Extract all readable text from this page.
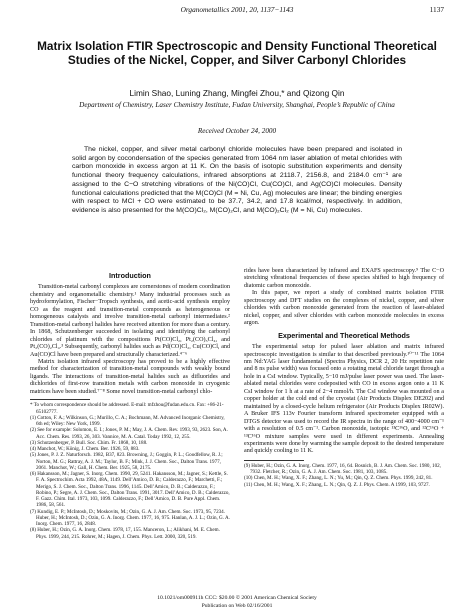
Organometallics 2001, 20, 1137−1143	1137
Matrix Isolation FTIR Spectroscopic and Density Functional Theoretical Studies of the Nickel, Copper, and Silver Carbonyl Chlorides
Limin Shao, Luning Zhang, Mingfei Zhou,* and Qizong Qin
Department of Chemistry, Laser Chemistry Institute, Fudan University, Shanghai, People’s Republic of China
Received October 24, 2000
The nickel, copper, and silver metal carbonyl chloride molecules have been prepared and isolated in solid argon by cocondensation of the species generated from 1064 nm laser ablation of metal chlorides with carbon monoxide in excess argon at 11 K. On the basis of isotopic substitution experiments and density functional theory frequency calculations, infrared absorptions at 2118.7, 2156.8, and 2184.0 cm⁻¹ are assigned to the C−O stretching vibrations of the Ni(CO)Cl, Cu(CO)Cl, and Ag(CO)Cl molecules. Density functional calculations predicted that the M(CO)Cl (M = Ni, Cu, Ag) molecules are linear; the binding energies with respect to MCl + CO were estimated to be 37.7, 34.2, and 17.8 kcal/mol, respectively. In addition, evidence is also presented for the M(CO)Cl₂, M(CO)₂Cl, and M(CO)₂Cl₂ (M = Ni, Cu) molecules.
Introduction

Transition-metal carbonyl complexes are cornerstones of modern coordination chemistry and organometallic chemistry.¹ Many industrial processes such as hydroformylation, Fischer−Tropsch synthesis, and acetic-acid synthesis employ CO as the reagent and transition-metal compounds as heterogeneous or homogeneous catalysts and involve transition-metal carbonyl intermediates.² Transition-metal carbonyl halides have received attention for more than a century. In 1868, Schutzenberger succeeded in isolating and identifying the carbonyl chlorides of platinum with the compositions Pt(CO)Cl₂, Pt₂(CO)₃Cl₄, and Pt₂(CO)₂Cl₄.³ Subsequently, carbonyl halides such as Pd(CO)Cl₂, Cu(CO)Cl, and Au(CO)Cl have been prepared and structurally characterized.⁴⁻⁶

Matrix isolation infrared spectroscopy has proved to be a highly effective method for characterization of transition-metal compounds with weakly bound ligands. The interactions of transition-metal halides such as difluorides and dichlorides of first-row transition metals with carbon monoxide in cryogenic matrices have been studied.⁷⁻⁸ Some novel transition-metal carbonyl chlo-

* To whom correspondence should be addressed. E-mail: mfzhou@fudan.edu.cn. Fax: +86-21-65102777.
(1) Cotton, F. A.; Wilkinson, G.; Murillo, C. A.; Bochmann, M. Advanced Inorganic Chemistry, 6th ed; Wiley: New York, 1999.
(2) See for example: Solomon, E. I.; Jones, P. M.; May, J. A. Chem. Rev. 1993, 93, 2623. Son, A. Acc. Chem. Res. 1993, 26, 303. Vannice, M. A. Catal. Today 1992, 12, 255.
(3) Schutzenberger, P. Bull. Soc. Chim. Fr. 1868, 10, 188.
(4) Manchot, W.; König, J. Chem. Ber. 1926, 59, 883.
(5) Jones, P. J. Z. Naturforsch. 1982, B37, 823. Browning, J.; Goggin, P. L.; Goodfellow, R. J.; Norton, M. G.; Rattray, A. J. M.; Taylor, B. F.; Mink, J. J. Chem. Soc., Dalton Trans. 1977, 2061. Manchot, W.; Gall, H. Chem. Ber. 1925, 58, 2175.
(6) Hakansson, M.; Jagner, S. Inorg. Chem. 1990, 29, 5241. Hakansson, M.; Jagner, S.; Kettle, S. F. A. Spectrochim. Acta 1992, 48A, 1149. Dell’Amico, D. B.; Calderazzo, F.; Marchetti, F.; Merigo, S. J. Chem. Soc., Dalton Trans. 1996, 1145. Dell’Amico, D. B.; Calderazzo, F.; Robino, P.; Segre, A. J. Chem. Soc., Dalton Trans. 1991, 3017. Dell’Amico, D. B.; Calderazzo, F. Gazz. Chim. Ital. 1973, 103, 1099. Calderazzo, F.; Dell’Amico, D. B. Pure Appl. Chem. 1986, 58, 561.
(7) Kundig, E. P.; McIntosh, D.; Moskovits, M.; Ozin, G. A. J. Am. Chem. Soc. 1973, 95, 7234. Huber, H.; McIntosh, D.; Ozin, G. A. Inorg. Chem. 1977, 16, 975. Hanlan, A. J. L.; Ozin, G. A. Inorg. Chem. 1977, 16, 2848.
(8) Huber, H.; Ozin, G. A. Inorg. Chem. 1978, 17, 155. Manceron, L.; Alikhani, M. E. Chem. Phys. 1999, 244, 215. Rohrer, M.; Hagen, J. Chem. Phys. Lett. 2000, 320, 519.

rides have been characterized by infrared and EXAFS spectroscopy.⁹ The C−O stretching vibrational frequencies of these species shifted to high frequency of diatomic carbon monoxide.

In this paper, we report a study of combined matrix isolation FTIR spectroscopy and DFT studies on the complexes of nickel, copper, and silver chlorides with carbon monoxide generated from the reaction of laser-ablated nickel, copper, and silver chlorides with carbon monoxide molecules in excess argon.

Experimental and Theoretical Methods

The experimental setup for pulsed laser ablation and matrix infrared spectroscopic investigation is similar to that described previously.¹⁰⁻¹¹ The 1064 nm Nd:YAG laser fundamental (Spectra Physics, DCR 2, 20 Hz repetition rate and 8 ns pulse width) was focused onto a rotating metal chloride target through a hole in a CsI window. Typically, 5−10 mJ/pulse laser power was used. The laser-ablated metal chlorides were codeposited with CO in excess argon onto a 11 K CsI window for 1 h at a rate of 2−4 mmol/h. The CsI window was mounted on a copper holder at the cold end of the cryostat (Air Products Displex DE202) and maintained by a closed-cycle helium refrigerator (Air Products Displex IR02W). A Bruker IFS 113v Fourier transform infrared spectrometer equipped with a DTGS detector was used to record the IR spectra in the range of 400−4000 cm⁻¹ with a resolution of 0.5 cm⁻¹. Carbon monoxide, isotopic ¹³C¹⁶O, and ¹²C¹⁶O + ¹³C¹⁶O mixture samples were used in different experiments. Annealing experiments were done by warming the sample deposit to the desired temperature and quickly cooling to 11 K.

(9) Huber, H.; Ozin, G. A. Inorg. Chem. 1977, 16, 64. Bosnich, B. J. Am. Chem. Soc. 1980, 102, 7932. Fletcher, R.; Ozin, G. A. J. Am. Chem. Soc. 1981, 103, 1085.
(10) Chen, M. H.; Wang, X. F.; Zhang, L. N.; Yu, M.; Qin, Q. Z. Chem. Phys. 1999, 242, 81.
(11) Chen, M. H.; Wang, X. F.; Zhang, L. N.; Qin, Q. Z. J. Phys. Chem. A 1999, 103, 9727.
10.1021/om000911h CCC: $20.00 © 2001 American Chemical Society
Publication on Web 02/16/2001
